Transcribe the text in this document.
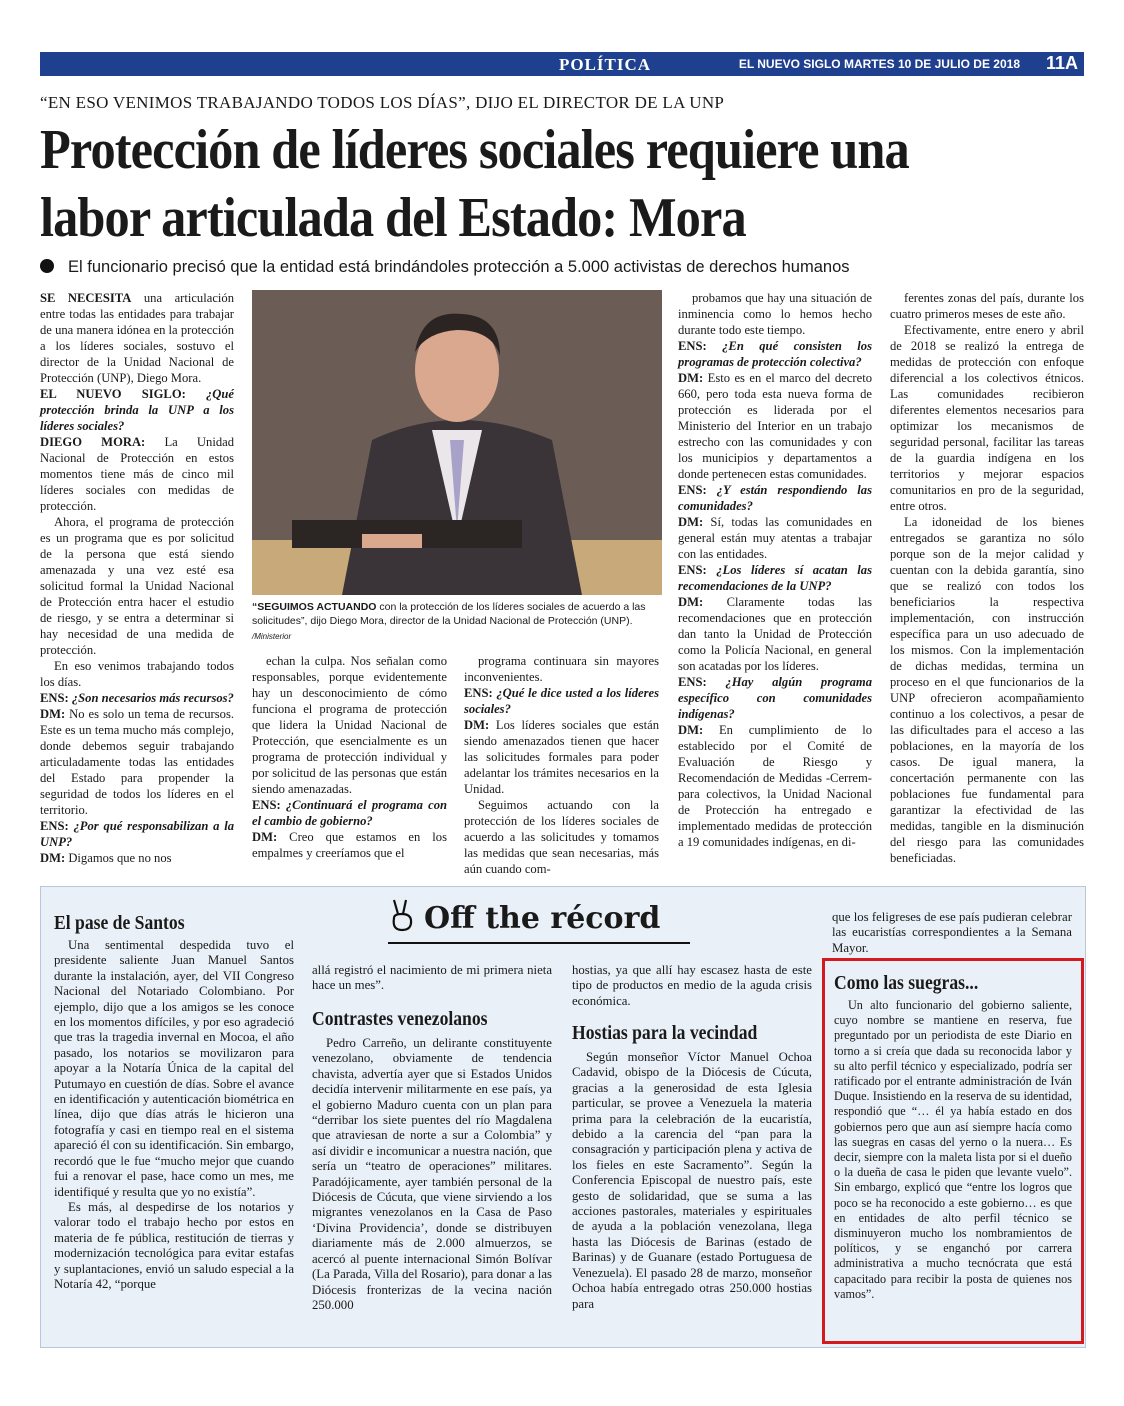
POLÍTICA	EL NUEVO SIGLO MARTES 10 DE JULIO DE 2018 11A
“EN ESO VENIMOS TRABAJANDO TODOS LOS DÍAS”, DIJO EL DIRECTOR DE LA UNP
Protección de líderes sociales requiere una labor articulada del Estado: Mora
El funcionario precisó que la entidad está brindándoles protección a 5.000 activistas de derechos humanos

SE NECESITA una articulación entre todas las entidades para trabajar de una manera idónea en la protección a los líderes sociales, sostuvo el director de la Unidad Nacional de Protección (UNP), Diego Mora.

EL NUEVO SIGLO: ¿Qué protección brinda la UNP a los líderes sociales?

DIEGO MORA: La Unidad Nacional de Protección en estos momentos tiene más de cinco mil líderes sociales con medidas de protección.

Ahora, el programa de protección es un programa que es por solicitud de la persona que está siendo amenazada y una vez esté esa solicitud formal la Unidad Nacional de Protección entra hacer el estudio de riesgo, y se entra a determinar si hay necesidad de una medida de protección.

En eso venimos trabajando todos los días.

ENS: ¿Son necesarios más recursos?

DM: No es solo un tema de recursos. Este es un tema mucho más complejo, donde debemos seguir trabajando articuladamente todas las entidades del Estado para propender la seguridad de todos los líderes en el territorio.

ENS: ¿Por qué responsabilizan a la UNP?

DM: Digamos que no nos

echan la culpa. Nos señalan como responsables, porque evidentemente hay un desconocimiento de cómo funciona el programa de protección que lidera la Unidad Nacional de Protección, que esencialmente es un programa de protección individual y por solicitud de las personas que están siendo amenazadas.

ENS: ¿Continuará el programa con el cambio de gobierno?

DM: Creo que estamos en los empalmes y creeríamos que el

programa continuara sin mayores inconvenientes.

ENS: ¿Qué le dice usted a los líderes sociales?

DM: Los líderes sociales que están siendo amenazados tienen que hacer las solicitudes formales para poder adelantar los trámites necesarios en la Unidad.

Seguimos actuando con la protección de los líderes sociales de acuerdo a las solicitudes y tomamos las medidas que sean necesarias, más aún cuando com-

probamos que hay una situación de inminencia como lo hemos hecho durante todo este tiempo.

ENS: ¿En qué consisten los programas de protección colectiva?

DM: Esto es en el marco del decreto 660, pero toda esta nueva forma de protección es liderada por el Ministerio del Interior en un trabajo estrecho con las comunidades y con los municipios y departamentos a donde pertenecen estas comunidades.

ENS: ¿Y están respondiendo las comunidades?

DM: Sí, todas las comunidades en general están muy atentas a trabajar con las entidades.

ENS: ¿Los líderes sí acatan las recomendaciones de la UNP?

DM: Claramente todas las recomendaciones que en protección dan tanto la Unidad de Protección como la Policía Nacional, en general son acatadas por los líderes.

ENS: ¿Hay algún programa específico con comunidades indígenas?

DM: En cumplimiento de lo establecido por el Comité de Evaluación de Riesgo y Recomendación de Medidas -Cerrem- para colectivos, la Unidad Nacional de Protección ha entregado e implementado medidas de protección a 19 comunidades indígenas, en di-

ferentes zonas del país, durante los cuatro primeros meses de este año.

Efectivamente, entre enero y abril de 2018 se realizó la entrega de medidas de protección con enfoque diferencial a los colectivos étnicos. Las comunidades recibieron diferentes elementos necesarios para optimizar los mecanismos de seguridad personal, facilitar las tareas de la guardia indígena en los territorios y mejorar espacios comunitarios en pro de la seguridad, entre otros.

La idoneidad de los bienes entregados se garantiza no sólo porque son de la mejor calidad y cuentan con la debida garantía, sino que se realizó con todos los beneficiarios la respectiva implementación, con instrucción específica para un uso adecuado de los mismos. Con la implementación de dichas medidas, termina un proceso en el que funcionarios de la UNP ofrecieron acompañamiento continuo a los colectivos, a pesar de las dificultades para el acceso a las poblaciones, en la mayoría de los casos. De igual manera, la concertación permanente con las poblaciones fue fundamental para garantizar la efectividad de las medidas, tangible en la disminución del riesgo para las comunidades beneficiadas.

“SEGUIMOS ACTUANDO con la protección de los líderes sociales de acuerdo a las solicitudes”, dijo Diego Mora, director de la Unidad Nacional de Protección (UNP). /Ministerior
Off the récord
El pase de Santos

Una sentimental despedida tuvo el presidente saliente Juan Manuel Santos durante la instalación, ayer, del VII Congreso Nacional del Notariado Colombiano. Por ejemplo, dijo que a los amigos se les conoce en los momentos difíciles, y por eso agradeció que tras la tragedia invernal en Mocoa, el año pasado, los notarios se movilizaron para apoyar a la Notaría Única de la capital del Putumayo en cuestión de días. Sobre el avance en identificación y autenticación biométrica en línea, dijo que días atrás le hicieron una fotografía y casi en tiempo real en el sistema apareció él con su identificación. Sin embargo, recordó que le fue “mucho mejor que cuando fui a renovar el pase, hace como un mes, me identifiqué y resulta que yo no existía”.

Es más, al despedirse de los notarios y valorar todo el trabajo hecho por estos en materia de fe pública, restitución de tierras y modernización tecnológica para evitar estafas y suplantaciones, envió un saludo especial a la Notaría 42, “porque

allá registró el nacimiento de mi primera nieta hace un mes”.

Contrastes venezolanos

Pedro Carreño, un delirante constituyente venezolano, obviamente de tendencia chavista, advertía ayer que si Estados Unidos decidía intervenir militarmente en ese país, ya el gobierno Maduro cuenta con un plan para “derribar los siete puentes del río Magdalena que atraviesan de norte a sur a Colombia” y así dividir e incomunicar a nuestra nación, que sería un “teatro de operaciones” militares. Paradójicamente, ayer también personal de la Diócesis de Cúcuta, que viene sirviendo a los migrantes venezolanos en la Casa de Paso ‘Divina Providencia’, donde se distribuyen diariamente más de 2.000 almuerzos, se acercó al puente internacional Simón Bolívar (La Parada, Villa del Rosario), para donar a las Diócesis fronterizas de la vecina nación 250.000

hostias, ya que allí hay escasez hasta de este tipo de productos en medio de la aguda crisis económica.

Hostias para la vecindad

Según monseñor Víctor Manuel Ochoa Cadavid, obispo de la Diócesis de Cúcuta, gracias a la generosidad de esta Iglesia particular, se provee a Venezuela la materia prima para la celebración de la eucaristía, debido a la carencia del “pan para la consagración y participación plena y activa de los fieles en este Sacramento”. Según la Conferencia Episcopal de nuestro país, este gesto de solidaridad, que se suma a las acciones pastorales, materiales y espirituales de ayuda a la población venezolana, llega hasta las Diócesis de Barinas (estado de Barinas) y de Guanare (estado Portuguesa de Venezuela). El pasado 28 de marzo, monseñor Ochoa había entregado otras 250.000 hostias para

que los feligreses de ese país pudieran celebrar las eucaristías correspondientes a la Semana Mayor.

Como las suegras...

Un alto funcionario del gobierno saliente, cuyo nombre se mantiene en reserva, fue preguntado por un periodista de este Diario en torno a si creía que dada su reconocida labor y su alto perfil técnico y especializado, podría ser ratificado por el entrante administración de Iván Duque. Insistiendo en la reserva de su identidad, respondió que “… él ya había estado en dos gobiernos pero que aun así siempre hacía como las suegras en casas del yerno o la nuera… Es decir, siempre con la maleta lista por si el dueño o la dueña de casa le piden que levante vuelo”. Sin embargo, explicó que “entre los logros que poco se ha reconocido a este gobierno… es que en entidades de alto perfil técnico se disminuyeron mucho los nombramientos de políticos, y se enganchó por carrera administrativa a mucho tecnócrata que está capacitado para recibir la posta de quienes nos vamos”.
